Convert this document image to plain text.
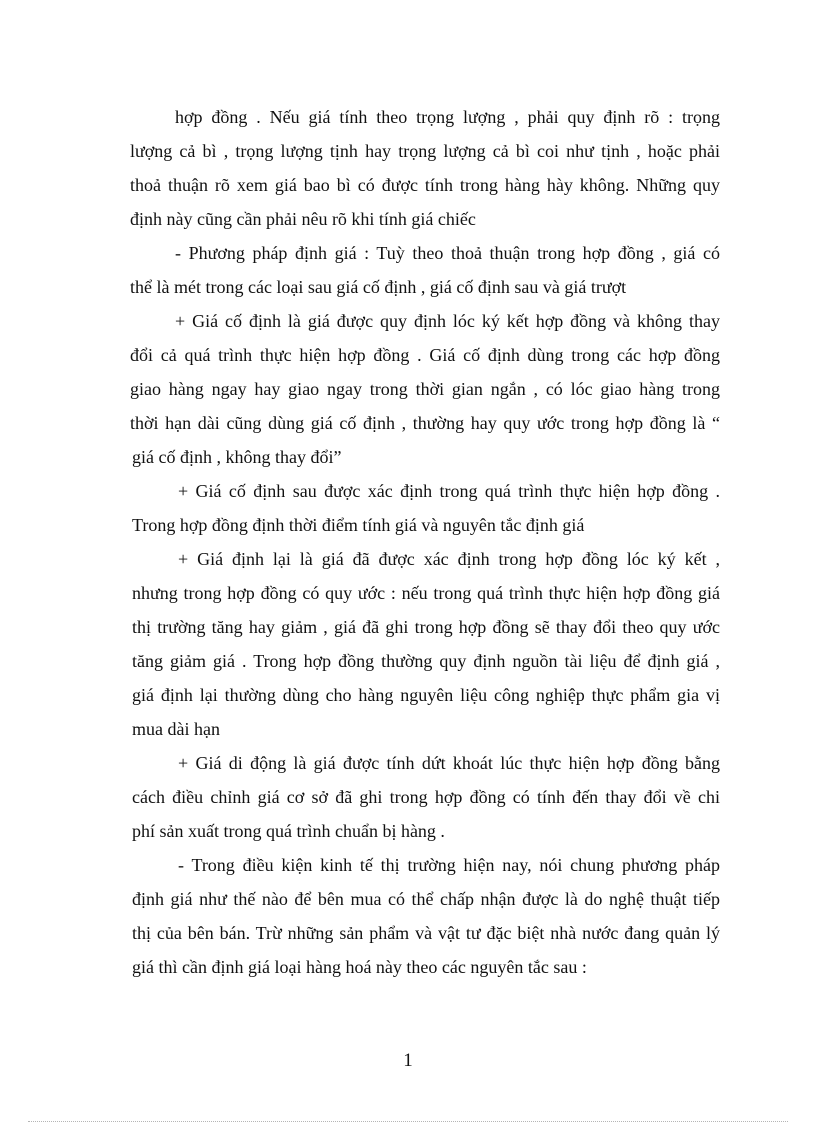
hợp đồng . Nếu giá tính theo trọng lượng , phải quy định rõ : trọng
lượng cả bì , trọng lượng tịnh hay trọng lượng cả bì coi như tịnh , hoặc phải
thoả thuận rõ xem giá bao bì có được tính trong hàng hày không. Những quy
định này cũng cần phải nêu rõ khi tính giá chiếc
- Phương pháp định giá : Tuỳ theo thoả thuận trong hợp đồng , giá có
thể là mét trong các loại sau giá cố định , giá cố định sau và giá trượt
+ Giá cố định là giá được quy định lóc ký kết hợp đồng và không thay
đổi cả quá trình thực hiện hợp đồng . Giá cố định dùng trong các hợp đồng
giao hàng ngay hay giao ngay trong thời gian ngắn , có lóc giao hàng trong
thời hạn dài cũng dùng giá cố định , thường hay quy ước trong hợp đồng là “
giá cố định , không thay đổi”
+ Giá cố định sau được xác định trong quá trình thực hiện hợp đồng .
Trong hợp đồng định thời điểm tính giá và nguyên tắc định giá
+ Giá định lại là giá đã được xác định trong hợp đồng lóc ký kết ,
nhưng trong hợp đồng có quy ước : nếu trong quá trình thực hiện hợp đồng giá
thị trường tăng hay giảm , giá đã ghi trong hợp đồng sẽ thay đổi theo quy ước
tăng giảm giá . Trong hợp đồng thường quy định nguồn tài liệu để định giá ,
giá định lại thường dùng cho hàng nguyên liệu công nghiệp thực phẩm gia vị
mua dài hạn
+ Giá di động là giá được tính dứt khoát lúc thực hiện hợp đồng bằng
cách điều chỉnh giá cơ sở đã ghi trong hợp đồng có tính đến thay đổi về chi
phí sản xuất trong quá trình chuẩn bị hàng .
- Trong điều kiện kinh tế thị trường hiện nay, nói chung phương pháp
định giá như thế nào để bên mua có thể chấp nhận được là do nghệ thuật tiếp
thị của bên bán. Trừ những sản phẩm và vật tư đặc biệt nhà nước đang quản lý
giá thì cần định giá loại hàng hoá này theo các nguyên tắc sau :
1
